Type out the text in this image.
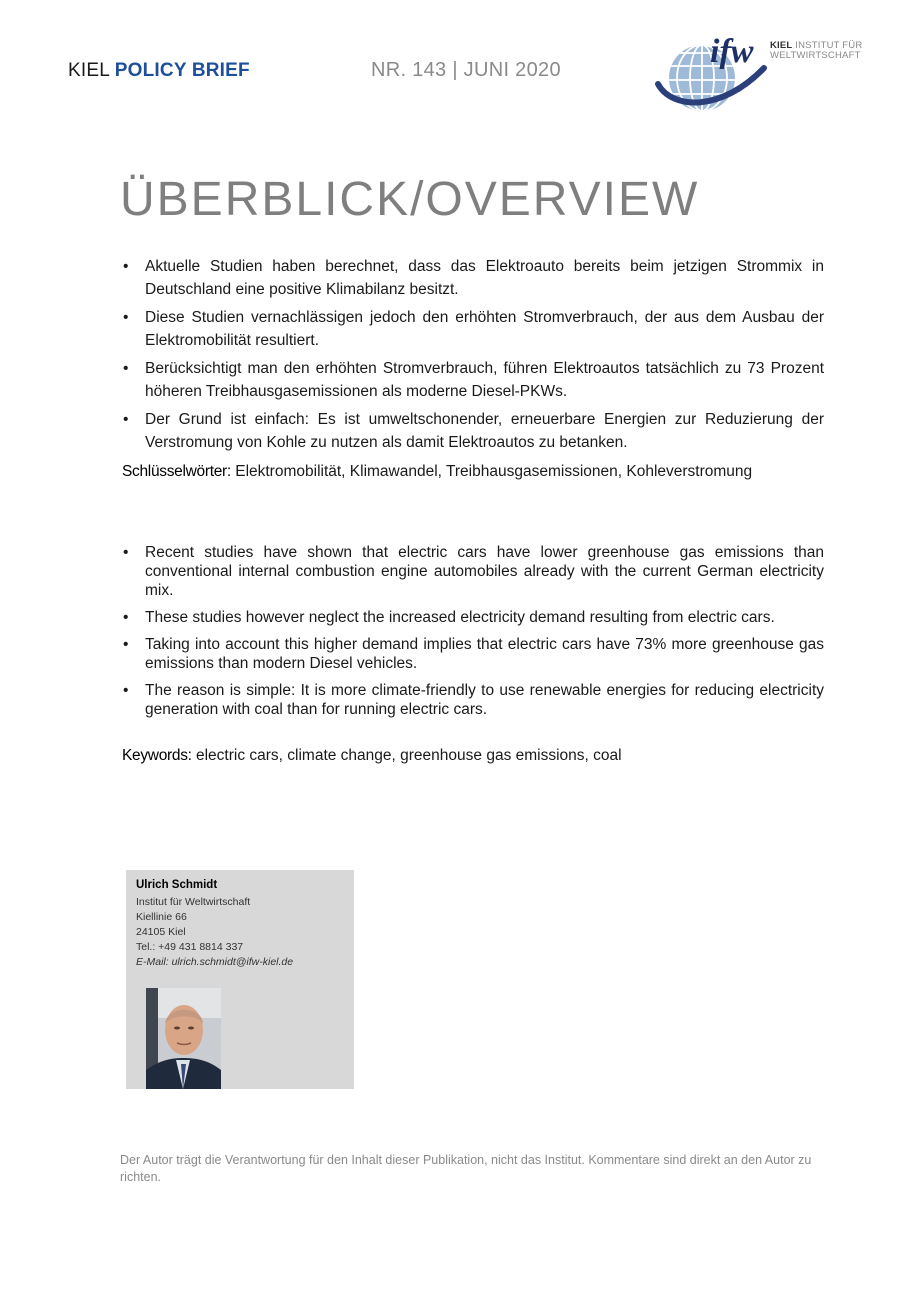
KIEL POLICY BRIEF	NR. 143 | JUNI 2020	ifw KIEL INSTITUT FÜR
WELTWIRTSCHAFT
ÜBERBLICK/OVERVIEW
• Aktuelle Studien haben berechnet, dass das Elektroauto bereits beim jetzigen Strommix in Deutschland eine positive Klimabilanz besitzt.
• Diese Studien vernachlässigen jedoch den erhöhten Stromverbrauch, der aus dem Ausbau der Elektromobilität resultiert.
• Berücksichtigt man den erhöhten Stromverbrauch, führen Elektroautos tatsächlich zu 73 Prozent höheren Treibhausgasemissionen als moderne Diesel-PKWs.
• Der Grund ist einfach: Es ist umweltschonender, erneuerbare Energien zur Reduzierung der Verstromung von Kohle zu nutzen als damit Elektroautos zu betanken.
Schlüsselwörter: Elektromobilität, Klimawandel, Treibhausgasemissionen, Kohleverstromung
• Recent studies have shown that electric cars have lower greenhouse gas emissions than conventional internal combustion engine automobiles already with the current German electricity mix.
• These studies however neglect the increased electricity demand resulting from electric cars.
• Taking into account this higher demand implies that electric cars have 73% more greenhouse gas emissions than modern Diesel vehicles.
• The reason is simple: It is more climate-friendly to use renewable energies for reducing electricity generation with coal than for running electric cars.
Keywords: electric cars, climate change, greenhouse gas emissions, coal
Ulrich Schmidt
Institut für Weltwirtschaft
Kiellinie 66
24105 Kiel
Tel.: +49 431 8814 337
E-Mail: ulrich.schmidt@ifw-kiel.de

Der Autor trägt die Verantwortung für den Inhalt dieser Publikation, nicht das Institut. Kommentare sind direkt an den Autor zu richten.
